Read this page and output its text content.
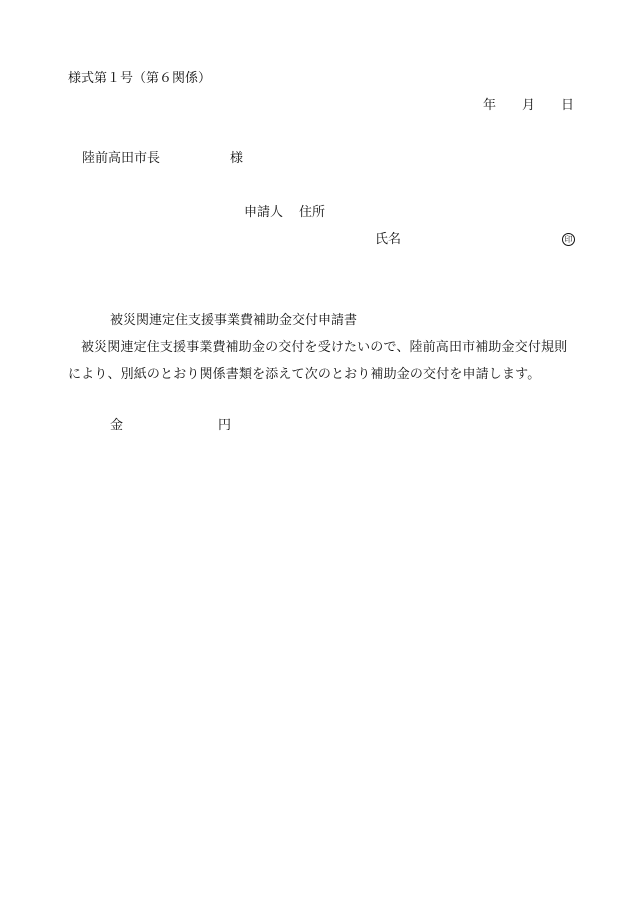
様式第１号（第６関係）
年 月 日
陸前高田市長	様
申請人 住所
氏名	印
被災関連定住支援事業費補助金交付申請書
被災関連定住支援事業費補助金の交付を受けたいので、陸前高田市補助金交付規則
により、別紙のとおり関係書類を添えて次のとおり補助金の交付を申請します。
金	円
